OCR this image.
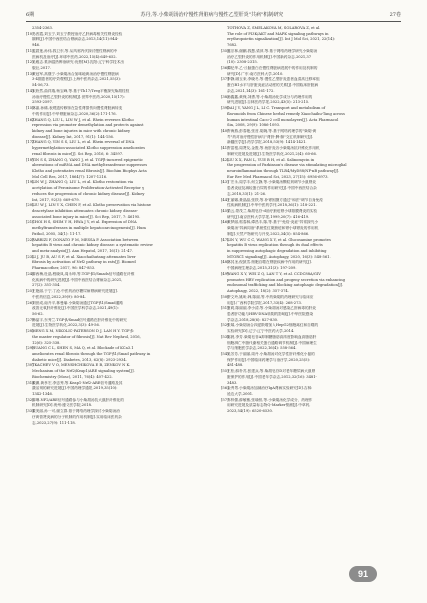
6期	苏丹,等.小柴胡汤治疗慢性肾脏病与慢性乙型肝炎"共病"机制研究	27卷
2354-2363.
[10]马晋霞,刘玉宁,刘玉宁教授治疗乙肝病毒相关性肾炎经验
撷粹[J].中国中西医结合肾病杂志,2013,14(11):944-
946.
[11]蓝碧莲,孙伟,钱卫东,等.从风邪内伏探讨慢性肾病的中
医病机及治疗[J].环球中医药,2022,15(4):649-652.
[12]吴雅志.柔润湿热辨治研究:优势[M].沈阳:辽宁科学技术出
版社,2017.
[13]黄冠军,高继宁.小柴胡汤合加味地黄汤治疗慢性肾脏病
3-4期患者的疗效观察[J].上海中医药杂志,2021,55(3):
54-56,73.
[14]宋欣然,曲祥瑞,杨宝峰,等.基于Th17/Treg平衡探究柴胡桂枝
汤治疗慢性乙型肝炎的机制[J].世界中医药,2020,15(17):
2593-2597.
[15]林嘉,孙稀,表观遗传修饰在急性肾损伤向慢性肾脏病转变
中的作用[J].中华肾脏病杂志,2020,36(2):171-176.
[16]ZHANG Q, LIU L, LIN W J, et al. Rhein reverses Klotho
repression via promoter demethylation and protects against
kidney and bone injuries in mice with chronic kidney
disease[J]. Kidney Int, 2017, 91(1): 144-156.
[17]ZHANG Q, YIN S S, LIU L, et al. Rhein reversal of DNA
hypermethylation-associated Klotho suppression ameliorates
renal fibrosis in mice[J]. Sci Rep, 2016, 6: 34597.
[18]YIN S S, ZHANG Q, YANG J, et al. TGFβ-incurred epigenetic
aberrations of miRNA and DNA methyltransferase suppresses
Klotho and potentiates renal fibrosis[J]. Biochim Biophys Acta
Mol Cell Res, 2017, 1864(7): 1207-1216.
[19]LIN W J, ZHANG Q, LIU L, et al. Klotho restoration via
acetylation of Peroxisome Proliferation-Activated Receptor γ
reduces the progression of chronic kidney disease[J]. Kidney
Int, 2017, 92(3): 669-679.
[20]LIU W J, LIN Y X, CHEN F, et al. Klotho preservation via histone
deacetylase inhibition attenuates chronic kidney disease-
associated bone injury in mice[J]. Sci Rep, 2017, 7: 46195.
[21]CHOI H S, SHIM Y H, HWA J Y, et al. Expression of DNA
methyltransferases in multiple hepatocarcinogenesis[J]. Hum
Pathol, 2005, 34(1): 11-17.
[22]FABRIZI F, DONATO F M, MESSA P. Association between
hepatitis B virus and chronic kidney disease: a systematic review
and meta-analysis[J]. Ann Hepatol, 2017, 16(1): 21-47.
[23]LI J, JU B, AU S F, et al. Xiaochaihutang attenuates liver
fibrosis by activation of Nrf2 pathway in rats[J]. Biomed
Pharmacother, 2017, 96: 847-853.
[24]薛西梅,杜晶,程晓凤,周永坤,等.TGF-β1/Smads信号通路在纤维
化疾病中的研究进展[J].中国中西医结合肾病杂志,2021,
27(2): 351-354.
[25]王艳丽,于宁,丁沧.中医药治疗糖尿病肾病研究进展[J].
中医药信息,2022,39(9): 80-84.
[26]刘世成,南升平,林曼瑜.小柴胡汤通过TGF-β1/Smad通路
改善无氧肝纤维化[J].中国医学科学杂志,2021,49(1):
56-62.
[27]韩晶宇,东秀兰.TGF-β/Smad信号通路在肝纤维化中的研究
进展[J].生物医学转化,2022,3(3): 49-56.
[28]MENG X M, NIKOLIC-PATERSON D J, LAN H Y. TGF-β:
the master regulator of fibrosis[J]. Nat Rev Nephrol, 2016,
12(6): 325-338.
[29]HUANG C L, SHEN S, MA Q, et al. Blockade of KCa3.1
ameliorates renal fibrosis through the TGF-β1/Smad pathway in
diabetic mice[J]. Diabetes, 2013, 62(8): 2923-2934.
[30]TKACHEV V O, MENSHCHIKOVA E B, ZENKOV N K.
Mechanism of the Nrf2/Keap1/ARE signaling system[J].
Biochemistry (Mosc), 2011, 76(4): 407-422.
[31]戴渊,黄孝宏,李忠秀,等.Keap1-Nrf2-ARE信号通路及其
激活剂的研究进展[J].中国药理学通报,2019,35(10):
1342-1346.
[32]薛琳.NF2/ARE信号通路参与小柴胡汤抗大鼠肝纤维化的
机制研究[D].贵州:遵义医学院,2018.
[33]董美丽,孙一可,谢立群.基于网络药理学探讨小柴胡汤治
疗黄曾贤炎病的分子机制的作用机制[J].实用临床医药杂
志,2023,27(9): 111-118.
TÖTHOVÁ Z, ŠMELÁKOVÁ M, SOLÁROVÁ Z, et al.
The role of PI3K/AKT and MAPK signaling pathways in
erythropoietin signalization[J]. Int J Mol Sci, 2021, 22(14):
7682.
[35]盛宗林,谢鹏,钱慧,梁萍,等.基于网络药理学研究小柴胡汤
治疗乙型肝炎的作用机制[J].中国新药杂志,2021,37
(10): 2308-2315.
[36]谭纪华.乙-丘脑蛋白在慢性肾脏病进展中的作用及机制的
研究[D].广东:南方医科大学,2010.
[37]李静,顾玉来,李晓冬,等.慢性乙型肝炎患者血清高迁移率组
蛋白B1水平与肝脏炎症活动度的关系[J].中国临床肝脏病
杂志,2021,14(3): 161-172.
[38]汤鑫鑫,黄保,刘勇,等.小柴胡汤化学成分与药理作用的
研究进展[J].吉林医药学报,2022,43(5): 213-215.
[39]DAI J Y, YANG J L, LI C. Transport and metabolism of
flavonoids from Chinese herbal remedy Xiaochaihu-Tang across
human intestinal Caco-2 cell monolayers[J]. Acta Pharmacol
Sin, 2008, 29(9): 1086-1093.
[40]许海燕,彭春艳,张晋,胡婉,等.基于网络药理学的"柴胡-黄
芩"药对治疗慢性肝病与"肾肝-脾-肺"交汇机制研究[J].
新疆医学[J].药学学报,2018,53(9): 1414-1421.
[41]许富根,周贤友,金胜,等.鱼肝炎各小柴胡汤抗纤维化作用机
制研究进展及进展[J].生物医学转化,2021,2(4): 60-66.
[42]LIU X X, FAN L, YUE B H, et al. Salinomycin in
the progression of Parkinson's disease via stimulating microglial
neuroinflammation through TLR4/MyD88/NF-κB pathway[J].
Eur Rev Med Pharmacol Sci, 2023, 27(15): 6956-6973.
[43]丁宏永,周学丰,何立静,等.小柴胡汤颗粒剂调节小鼠肾炎
患者炎症及减轻蛋白尿的作用研究[J].中国中西医结合杂
志,2018,33(1): 21-26.
[44]王丽娜,聂晶晶,张铁,等.补肾固摄方通过"和法"调节自身免疫
性疾病机制[J].中华中医药学刊,2018,36(1): 218-221.
[45]梁云,蒙茂兰.柴胡皂苷-d治疗狼疮肾小球基膜肾炎的实验
研究[J].南京医科大学学报,1999,20(7): 416-419.
[46]黄梦丽,郭春林,谭昌丰,陈,等.基于"免疫-炎症"异常探究小
柴胡汤"异病同治"系统性红斑狼疮和肾小球肾炎的作用机
制[J].天然产物研究与开发,2022,34(5): 854-866.
[47]LIN Y, WU C C, WANG X Y, et al. Glucosamine promotes
hepatitis B virus replication through its dual effects
in suppressing autophagic degradation and inhibiting
MTORC1 signaling[J]. Autophagy, 2020, 16(3): 548-561.
[48]林其圣,倪凯雪.细胞自噬在肾脏疾病中作用的研究[J].
中国病理生理杂志,2015,31(3): 197-209.
[49]WANG X Y, WEI Z Q, LAN T Y, et al. CCDC88A/GIV
promotes HBV replication and progeny secretion via enhancing
endosomal trafficking and blocking autophagic degradation[J].
Autophagy, 2022, 18(2): 357-374.
[50]舒文玲,姚昕,韩,陈丽,等.中药柴胡的药理研究与临床应
用[J].广西科学院学报,2017,33(4): 268-273.
[51]夏莉,陈丽丽,李小清,等.小柴胡汤对感染乙肝病毒的肝炎
患者肝功能与HBV-DNA转阴的影响[J].中华医院感染
学杂志,2018,28(6): 827-830.
[52]张莓,小柴胡汤合四逆散增加入HepG2细胞离红和自噬的
实验研究[D].辽宁:辽宁中医药大学,2014.
[53]陈晨,李芳.柴胡皂苷A抑制糖脂肪高浓度影响血高脂肪肝
细胞凋亡中脂代谢相关蛋白通路调节机制[J].中国病理生
学与细胞医学杂志,2022,16(4): 558-564.
[54]吴芳芳,于丽丽,周丹.小柴胡汤对化学性肝纤维化小鼠的
保护作用[J].中国临床药理学与治疗学,2020,25(5):
481-488.
[55]王松,薛朴苏,张建兵,等.柴胡皂苷D对老年糖尿病大鼠肾
脏保护的作用[J].中国老年学杂志,2012,32(16): 3481-
3483.
[56]金秀男.小柴胡汤加减治疗IgA肾病实验研究[D].吉林:
延边大学,2001.
[57]乔梓儒,薛敏敏,张瑜恒,等.小柴胡汤化学成分、药理作
用研究进展及质量标志物Q-Marker预测[J].中草药,
2023,54(19): 6520-6530.
91
